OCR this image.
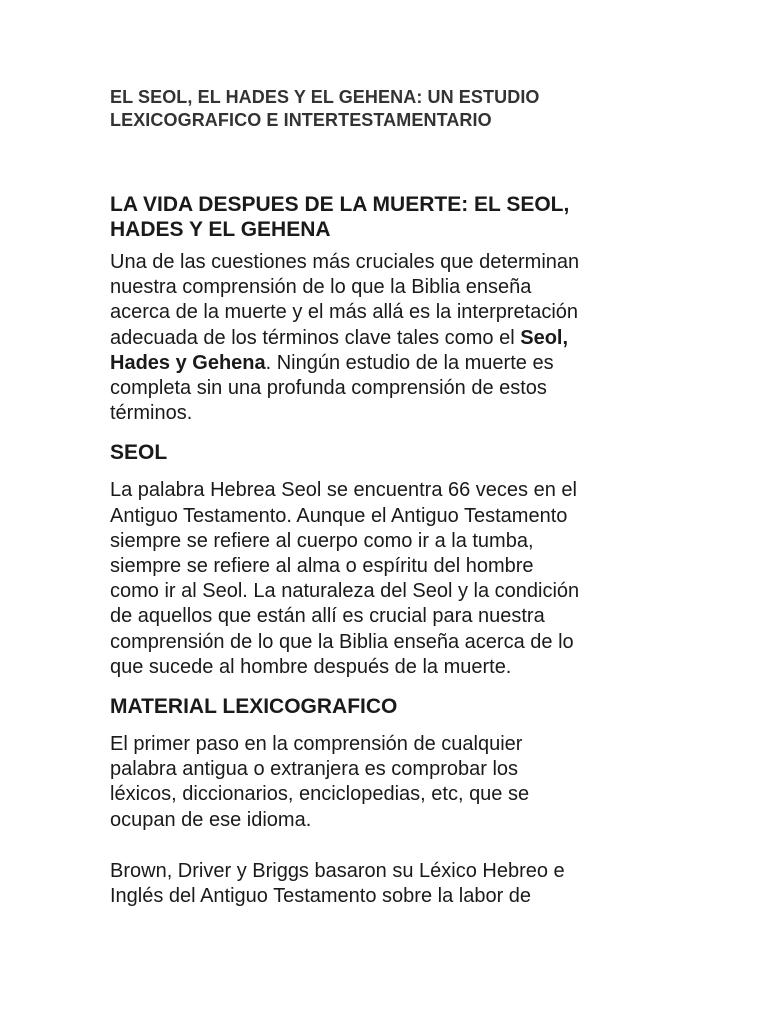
EL SEOL, EL HADES Y EL GEHENA: UN ESTUDIO
LEXICOGRAFICO E INTERTESTAMENTARIO
LA VIDA DESPUES DE LA MUERTE: EL SEOL,
HADES Y EL GEHENA

Una de las cuestiones más cruciales que determinan
nuestra comprensión de lo que la Biblia enseña
acerca de la muerte y el más allá es la interpretación
adecuada de los términos clave tales como el Seol,
Hades y Gehena. Ningún estudio de la muerte es
completa sin una profunda comprensión de estos
términos.

SEOL

La palabra Hebrea Seol se encuentra 66 veces en el
Antiguo Testamento. Aunque el Antiguo Testamento
siempre se refiere al cuerpo como ir a la tumba,
siempre se refiere al alma o espíritu del hombre
como ir al Seol. La naturaleza del Seol y la condición
de aquellos que están allí es crucial para nuestra
comprensión de lo que la Biblia enseña acerca de lo
que sucede al hombre después de la muerte.

MATERIAL LEXICOGRAFICO

El primer paso en la comprensión de cualquier
palabra antigua o extranjera es comprobar los
léxicos, diccionarios, enciclopedias, etc, que se
ocupan de ese idioma.

Brown, Driver y Briggs basaron su Léxico Hebreo e
Inglés del Antiguo Testamento sobre la labor de
